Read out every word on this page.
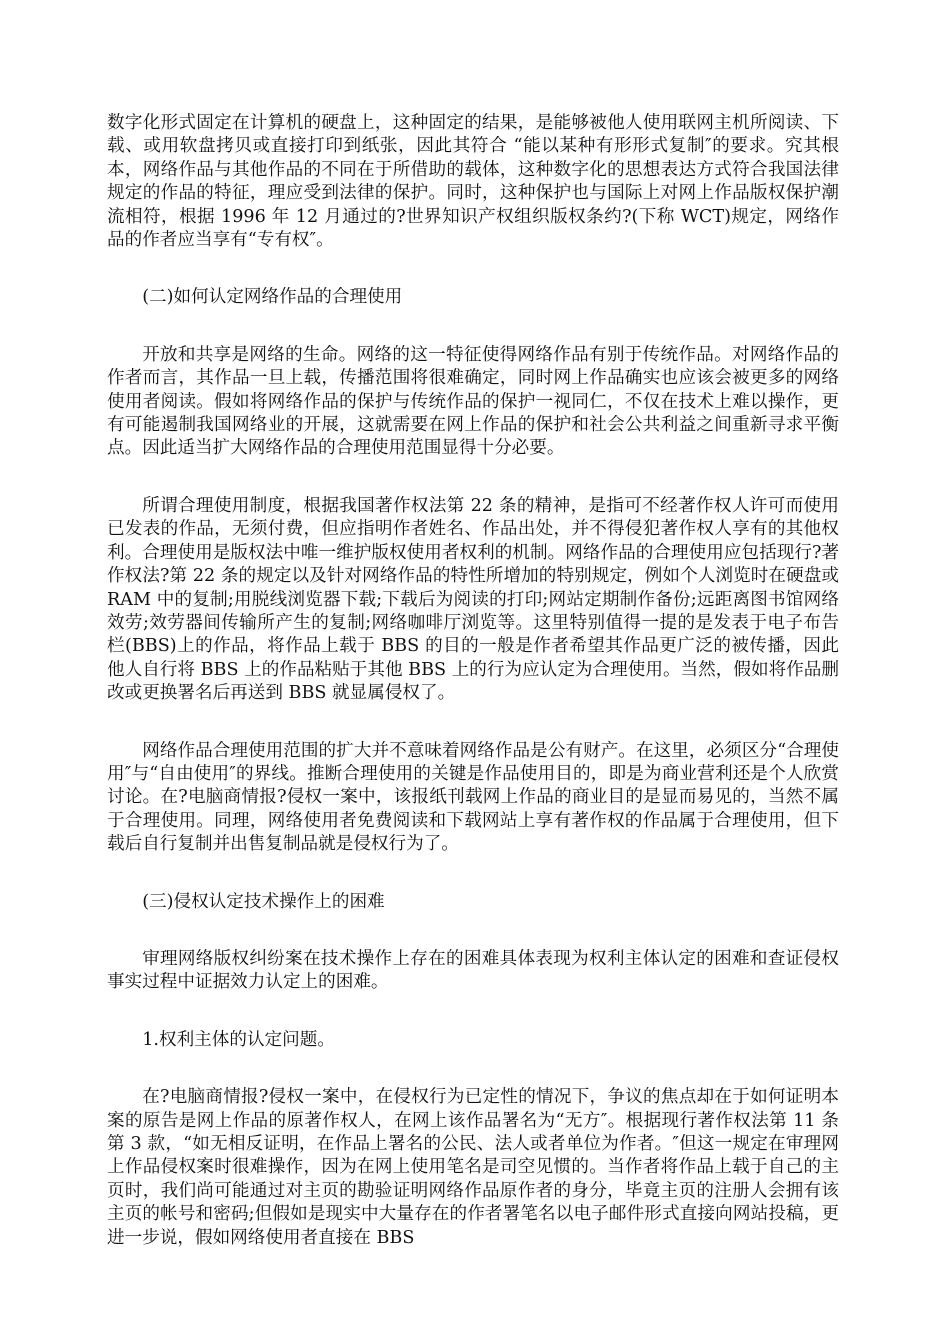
数字化形式固定在计算机的硬盘上，这种固定的结果，是能够被他人使用联网主机所阅读、下载、或用软盘拷贝或直接打印到纸张，因此其符合 “能以某种有形形式复制″的要求。究其根本，网络作品与其他作品的不同在于所借助的载体，这种数字化的思想表达方式符合我国法律规定的作品的特征，理应受到法律的保护。同时，这种保护也与国际上对网上作品版权保护潮流相符，根据 1996 年 12 月通过的?世界知识产权组织版权条约?(下称 WCT)规定，网络作品的作者应当享有“专有权″。

(二)如何认定网络作品的合理使用

开放和共享是网络的生命。网络的这一特征使得网络作品有别于传统作品。对网络作品的作者而言，其作品一旦上载，传播范围将很难确定，同时网上作品确实也应该会被更多的网络使用者阅读。假如将网络作品的保护与传统作品的保护一视同仁，不仅在技术上难以操作，更有可能遏制我国网络业的开展，这就需要在网上作品的保护和社会公共利益之间重新寻求平衡点。因此适当扩大网络作品的合理使用范围显得十分必要。

所谓合理使用制度，根据我国著作权法第 22 条的精神，是指可不经著作权人许可而使用已发表的作品，无须付费，但应指明作者姓名、作品出处，并不得侵犯著作权人享有的其他权利。合理使用是版权法中唯一维护版权使用者权利的机制。网络作品的合理使用应包括现行?著作权法?第 22 条的规定以及针对网络作品的特性所增加的特别规定，例如个人浏览时在硬盘或 RAM 中的复制;用脱线浏览器下载;下载后为阅读的打印;网站定期制作备份;远距离图书馆网络效劳;效劳器间传输所产生的复制;网络咖啡厅浏览等。这里特别值得一提的是发表于电子布告栏(BBS)上的作品，将作品上载于 BBS 的目的一般是作者希望其作品更广泛的被传播，因此他人自行将 BBS 上的作品粘贴于其他 BBS 上的行为应认定为合理使用。当然，假如将作品删改或更换署名后再送到 BBS 就显属侵权了。

网络作品合理使用范围的扩大并不意味着网络作品是公有财产。在这里，必须区分“合理使用″与“自由使用″的界线。推断合理使用的关键是作品使用目的，即是为商业营利还是个人欣赏讨论。在?电脑商情报?侵权一案中，该报纸刊载网上作品的商业目的是显而易见的，当然不属于合理使用。同理，网络使用者免费阅读和下载网站上享有著作权的作品属于合理使用，但下载后自行复制并出售复制品就是侵权行为了。

(三)侵权认定技术操作上的困难

审理网络版权纠纷案在技术操作上存在的困难具体表现为权利主体认定的困难和查证侵权事实过程中证据效力认定上的困难。

1.权利主体的认定问题。

在?电脑商情报?侵权一案中，在侵权行为已定性的情况下，争议的焦点却在于如何证明本案的原告是网上作品的原著作权人，在网上该作品署名为“无方″。根据现行著作权法第 11 条第 3 款，“如无相反证明，在作品上署名的公民、法人或者单位为作者。″但这一规定在审理网上作品侵权案时很难操作，因为在网上使用笔名是司空见惯的。当作者将作品上载于自己的主页时，我们尚可能通过对主页的勘验证明网络作品原作者的身分，毕竟主页的注册人会拥有该主页的帐号和密码;但假如是现实中大量存在的作者署笔名以电子邮件形式直接向网站投稿，更进一步说，假如网络使用者直接在 BBS
